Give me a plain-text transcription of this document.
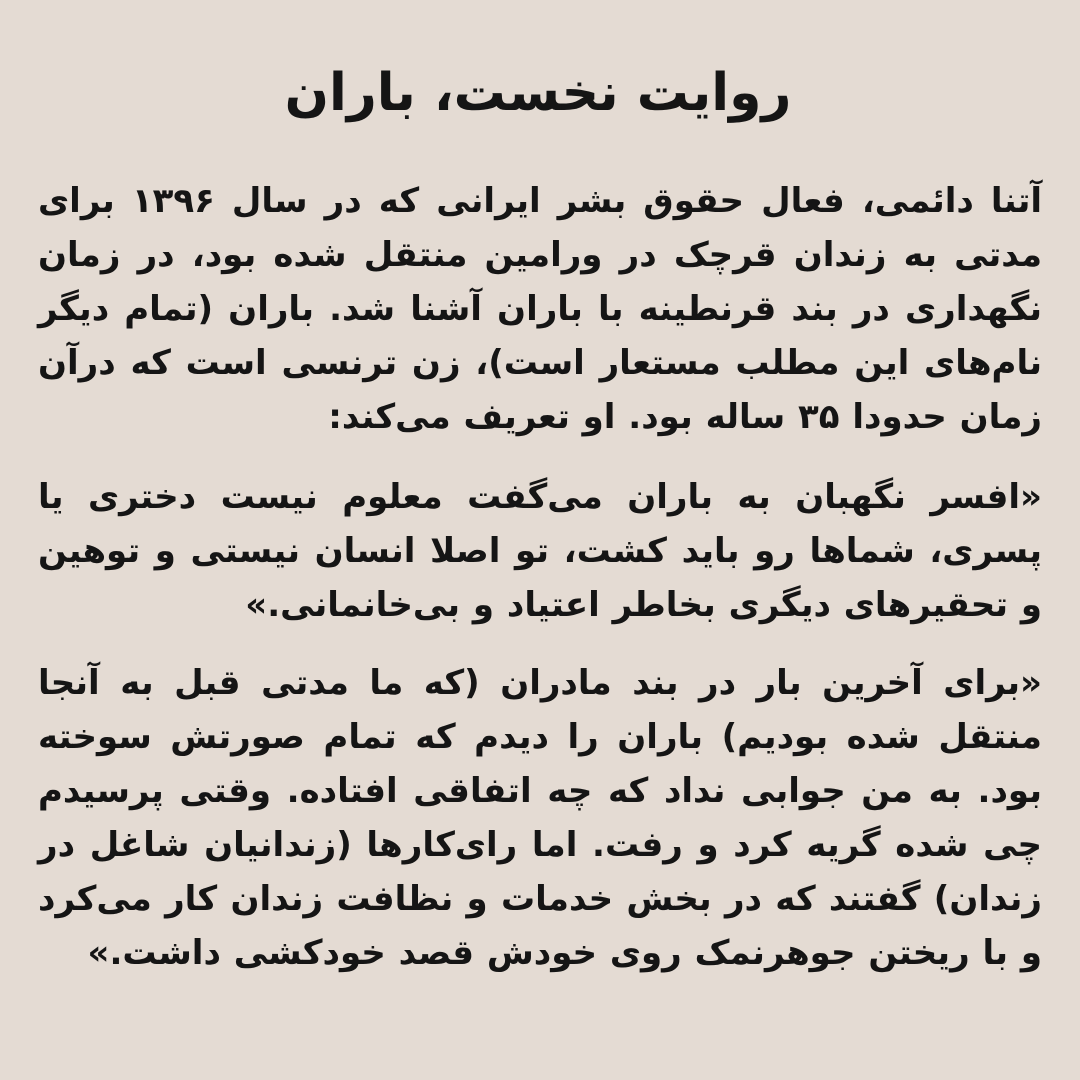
روایت نخست، باران

آتنا دائمی، فعال حقوق بشر ایرانی که در سال ۱۳۹۶ برای مدتی به زندان قرچک در ورامین منتقل شده بود، در زمان نگهداری در بند قرنطینه با باران آشنا شد. باران (تمام دیگر نام‌های این مطلب مستعار است)، زن ترنسی است که درآن زمان حدودا ۳۵ ساله بود. او تعریف می‌کند:

«افسر نگهبان به باران می‌گفت معلوم نیست دختری یا پسری، شماها رو باید کشت، تو اصلا انسان نیستی و توهین و تحقیرهای دیگری بخاطر اعتیاد و بی‌خانمانی.»

«برای آخرین بار در بند مادران (که ما مدتی قبل به آنجا منتقل شده بودیم) باران را دیدم که تمام صورتش سوخته بود. به من جوابی نداد که چه اتفاقی افتاده. وقتی پرسیدم چی شده گریه کرد و رفت. اما رای‌کارها (زندانیان شاغل در زندان) گفتند که در بخش خدمات و نظافت زندان کار می‌کرد و با ریختن جوهرنمک روی خودش قصد خودکشی داشت.»
